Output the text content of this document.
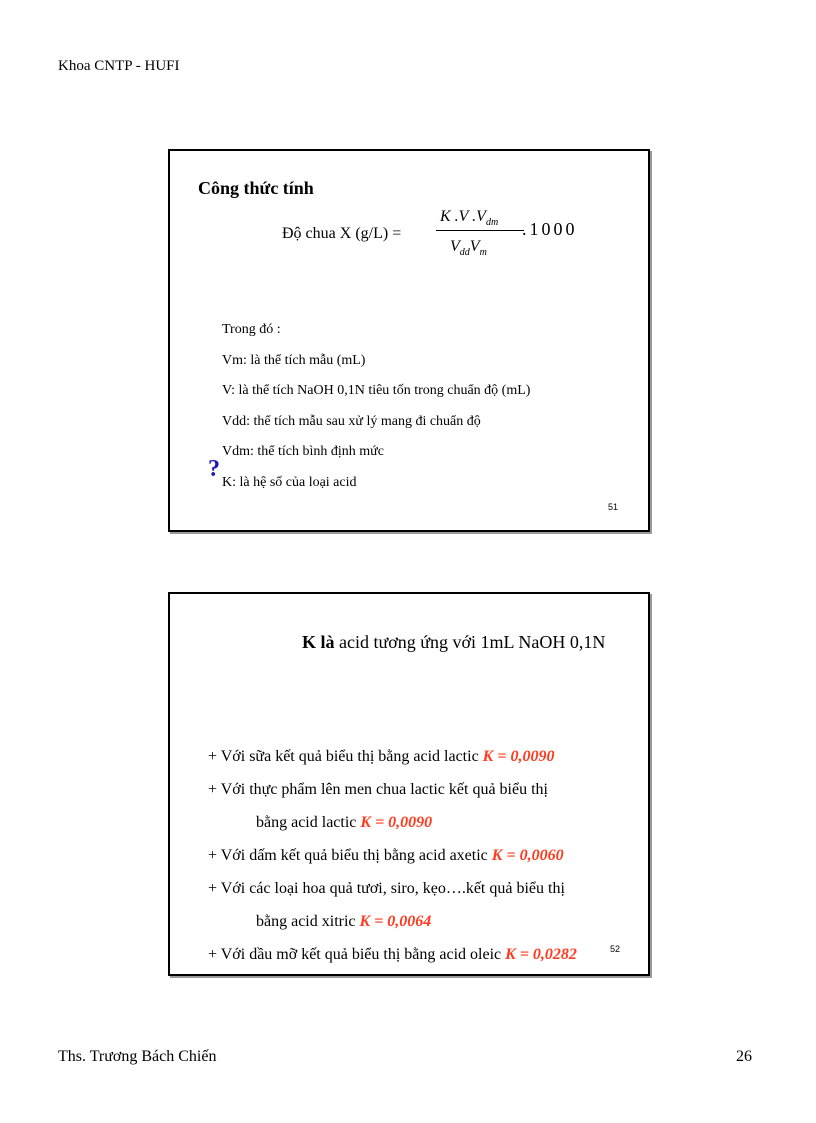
Khoa CNTP - HUFI
Công thức tính
Độ chua X (g/L) =
K .V $.V_{dm}$
$V_{dd}V_m$
.1000
Trong đó :
Vm: là thể tích mẫu (mL)
V: là thể tích NaOH 0,1N tiêu tốn trong chuẩn độ (mL)
Vdd: thể tích mẫu sau xử lý mang đi chuẩn độ
Vdm: thể tích bình định mức
K: là hệ số của loại acid
?
51
K là acid tương ứng với 1mL NaOH 0,1N
+ Với sữa kết quả biểu thị bằng acid lactic K = 0,0090
+ Với thực phẩm lên men chua lactic kết quả biểu thị
bằng acid lactic K = 0,0090
+ Với dấm kết quả biểu thị bằng acid axetic K = 0,0060
+ Với các loại hoa quả tươi, siro, kẹo….kết quả biểu thị
bằng acid xitric K = 0,0064
+ Với dầu mỡ kết quả biểu thị bằng acid oleic K = 0,0282	52
Ths. Trương Bách Chiến	26
